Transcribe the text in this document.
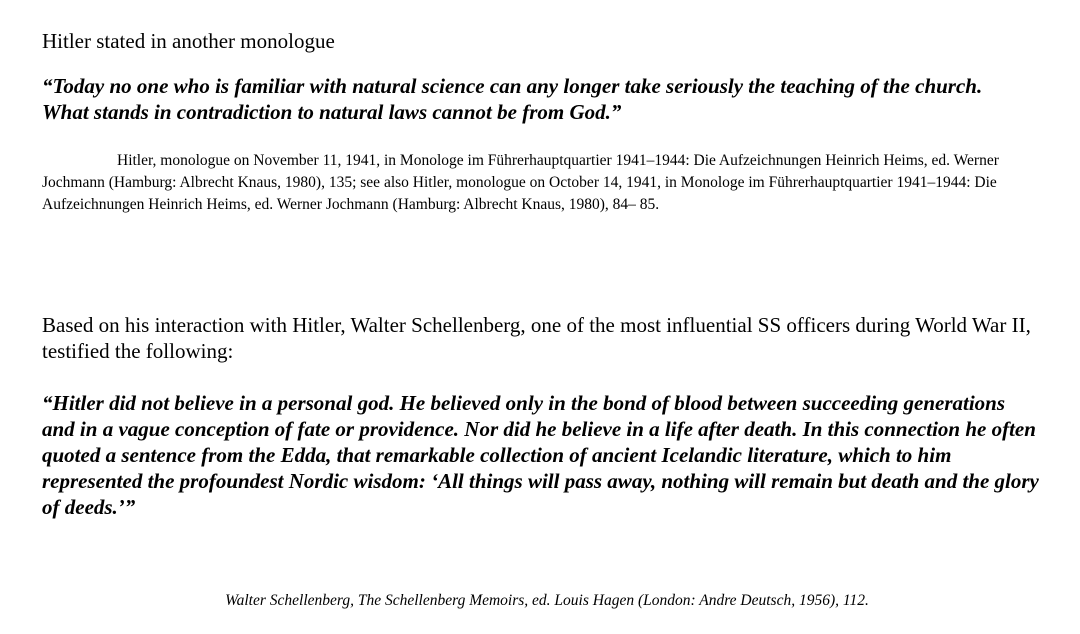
Hitler stated in another monologue

“Today no one who is familiar with natural science can any longer take seriously the teaching of the church. What stands in contradiction to natural laws cannot be from God.”

Hitler, monologue on November 11, 1941, in Monologe im Führerhauptquartier 1941–1944: Die Aufzeichnungen Heinrich Heims, ed. Werner Jochmann (Hamburg: Albrecht Knaus, 1980), 135; see also Hitler, monologue on October 14, 1941, in Monologe im Führerhauptquartier 1941–1944: Die Aufzeichnungen Heinrich Heims, ed. Werner Jochmann (Hamburg: Albrecht Knaus, 1980), 84– 85.

Based on his interaction with Hitler, Walter Schellenberg, one of the most influential SS officers during World War II, testified the following:

“Hitler did not believe in a personal god. He believed only in the bond of blood between succeeding generations and in a vague conception of fate or providence. Nor did he believe in a life after death. In this connection he often quoted a sentence from the Edda, that remarkable collection of ancient Icelandic literature, which to him represented the profoundest Nordic wisdom: ‘All things will pass away, nothing will remain but death and the glory of deeds.’”

Walter Schellenberg, The Schellenberg Memoirs, ed. Louis Hagen (London: Andre Deutsch, 1956), 112.
